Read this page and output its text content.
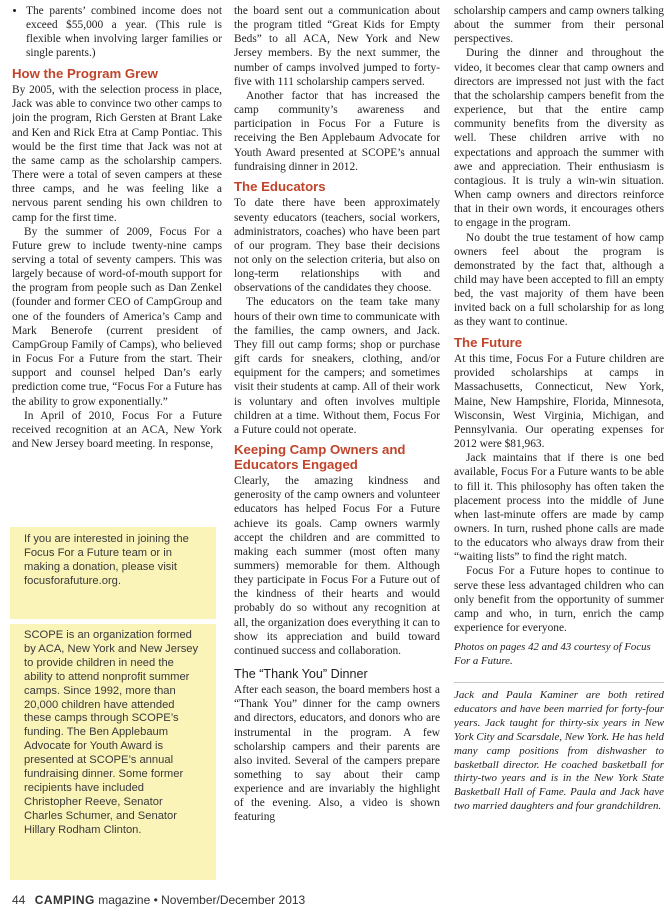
• The parents’ combined income does not exceed $55,000 a year. (This rule is flexible when involving larger families or single parents.)
How the Program Grew

By 2005, with the selection process in place, Jack was able to convince two other camps to join the program, Rich Gersten at Brant Lake and Ken and Rick Etra at Camp Pontiac. This would be the first time that Jack was not at the same camp as the scholarship campers. There were a total of seven campers at these three camps, and he was feeling like a nervous parent sending his own children to camp for the first time.

By the summer of 2009, Focus For a Future grew to include twenty-nine camps serving a total of seventy campers. This was largely because of word-of-mouth support for the program from people such as Dan Zenkel (founder and former CEO of CampGroup and one of the founders of America’s Camp and Mark Benerofe (current president of CampGroup Family of Camps), who believed in Focus For a Future from the start. Their support and counsel helped Dan’s early prediction come true, “Focus For a Future has the ability to grow exponentially.”

In April of 2010, Focus For a Future received recognition at an ACA, New York and New Jersey board meeting. In response,

If you are interested in joining the Focus For a Future team or in making a donation, please visit focusforafuture.org.
SCOPE is an organization formed by ACA, New York and New Jersey to provide children in need the ability to attend nonprofit summer camps. Since 1992, more than 20,000 children have attended these camps through SCOPE’s funding. The Ben Applebaum Advocate for Youth Award is presented at SCOPE’s annual fundraising dinner. Some former recipients have included Christopher Reeve, Senator Charles Schumer, and Senator Hillary Rodham Clinton.

the board sent out a communication about the program titled “Great Kids for Empty Beds” to all ACA, New York and New Jersey members. By the next summer, the number of camps involved jumped to forty-five with 111 scholarship campers served.

Another factor that has increased the camp community’s awareness and participation in Focus For a Future is receiving the Ben Applebaum Advocate for Youth Award presented at SCOPE’s annual fundraising dinner in 2012.

The Educators

To date there have been approximately seventy educators (teachers, social workers, administrators, coaches) who have been part of our program. They base their decisions not only on the selection criteria, but also on long-term relationships with and observations of the candidates they choose.

The educators on the team take many hours of their own time to communicate with the families, the camp owners, and Jack. They fill out camp forms; shop or purchase gift cards for sneakers, clothing, and/or equipment for the campers; and sometimes visit their students at camp. All of their work is voluntary and often involves multiple children at a time. Without them, Focus For a Future could not operate.

Keeping Camp Owners and Educators Engaged

Clearly, the amazing kindness and generosity of the camp owners and volunteer educators has helped Focus For a Future achieve its goals. Camp owners warmly accept the children and are committed to making each summer (most often many summers) memorable for them. Although they participate in Focus For a Future out of the kindness of their hearts and would probably do so without any recognition at all, the organization does everything it can to show its appreciation and build toward continued success and collaboration.

The “Thank You” Dinner

After each season, the board members host a “Thank You” dinner for the camp owners and directors, educators, and donors who are instrumental in the program. A few scholarship campers and their parents are also invited. Several of the campers prepare something to say about their camp experience and are invariably the highlight of the evening. Also, a video is shown featuring

scholarship campers and camp owners talking about the summer from their personal perspectives.

During the dinner and throughout the video, it becomes clear that camp owners and directors are impressed not just with the fact that the scholarship campers benefit from the experience, but that the entire camp community benefits from the diversity as well. These children arrive with no expectations and approach the summer with awe and appreciation. Their enthusiasm is contagious. It is truly a win-win situation. When camp owners and directors reinforce that in their own words, it encourages others to engage in the program.

No doubt the true testament of how camp owners feel about the program is demonstrated by the fact that, although a child may have been accepted to fill an empty bed, the vast majority of them have been invited back on a full scholarship for as long as they want to continue.

The Future

At this time, Focus For a Future children are provided scholarships at camps in Massachusetts, Connecticut, New York, Maine, New Hampshire, Florida, Minnesota, Wisconsin, West Virginia, Michigan, and Pennsylvania. Our operating expenses for 2012 were $81,963.

Jack maintains that if there is one bed available, Focus For a Future wants to be able to fill it. This philosophy has often taken the placement process into the middle of June when last-minute offers are made by camp owners. In turn, rushed phone calls are made to the educators who always draw from their “waiting lists” to find the right match.

Focus For a Future hopes to continue to serve these less advantaged children who can only benefit from the opportunity of summer camp and who, in turn, enrich the camp experience for everyone.

Photos on pages 42 and 43 courtesy of Focus For a Future.

Jack and Paula Kaminer are both retired educators and have been married for forty-four years. Jack taught for thirty-six years in New York City and Scarsdale, New York. He has held many camp positions from dishwasher to basketball director. He coached basketball for thirty-two years and is in the New York State Basketball Hall of Fame. Paula and Jack have two married daughters and four grandchildren.

44 CAMPING magazine • November/December 2013
